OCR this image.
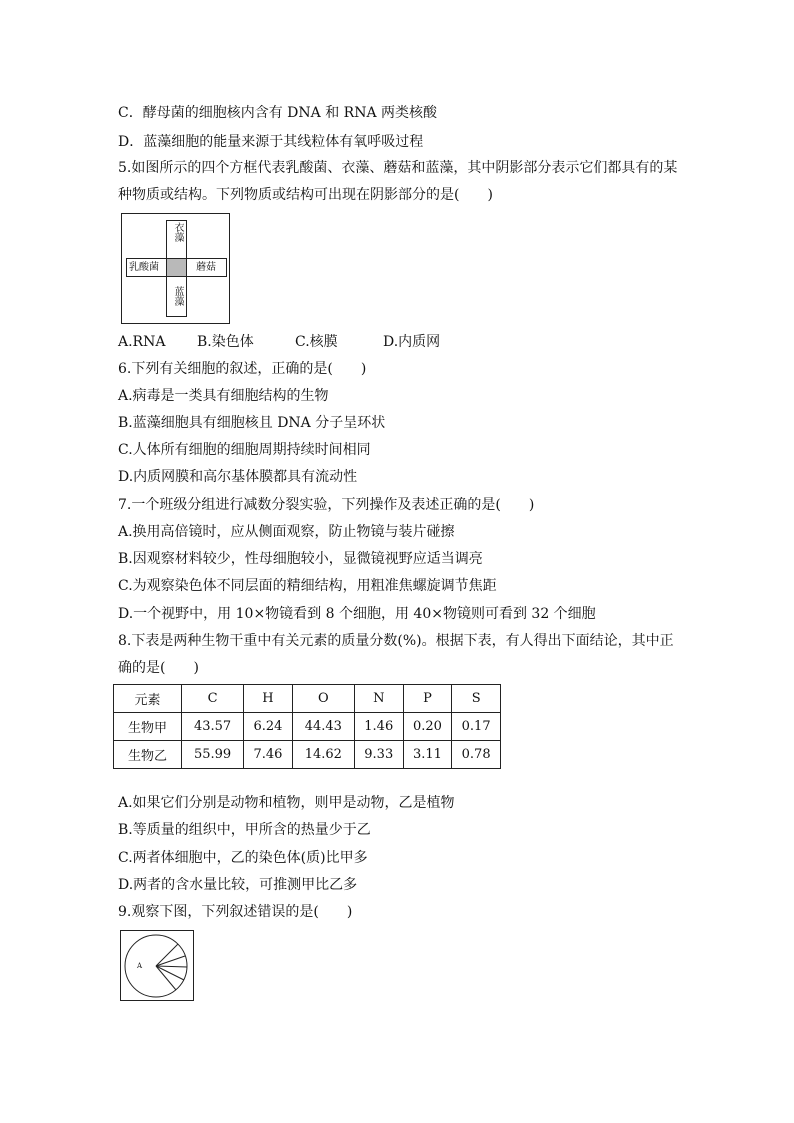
C．酵母菌的细胞核内含有 DNA 和 RNA 两类核酸
D．蓝藻细胞的能量来源于其线粒体有氧呼吸过程
5.如图所示的四个方框代表乳酸菌、衣藻、蘑菇和蓝藻，其中阴影部分表示它们都具有的某
种物质或结构。下列物质或结构可出现在阴影部分的是(　　)
衣藻
乳酸菌	蘑菇
蓝藻
A.RNA B.染色体	C.核膜	D.内质网
6.下列有关细胞的叙述，正确的是(　　)
A.病毒是一类具有细胞结构的生物
B.蓝藻细胞具有细胞核且 DNA 分子呈环状
C.人体所有细胞的细胞周期持续时间相同
D.内质网膜和高尔基体膜都具有流动性
7.一个班级分组进行减数分裂实验，下列操作及表述正确的是(　　)
A.换用高倍镜时，应从侧面观察，防止物镜与装片碰擦
B.因观察材料较少，性母细胞较小，显微镜视野应适当调亮
C.为观察染色体不同层面的精细结构，用粗准焦螺旋调节焦距
D.一个视野中，用 10×物镜看到 8 个细胞，用 40×物镜则可看到 32 个细胞
8.下表是两种生物干重中有关元素的质量分数(%)。根据下表，有人得出下面结论，其中正
确的是(　　)
元素	C	H	O	N	P	S
生物甲	43.57	6.24	44.43	1.46	0.20	0.17
生物乙	55.99	7.46	14.62	9.33	3.11	0.78
A.如果它们分别是动物和植物，则甲是动物，乙是植物
B.等质量的组织中，甲所含的热量少于乙
C.两者体细胞中，乙的染色体(质)比甲多
D.两者的含水量比较，可推测甲比乙多
9.观察下图，下列叙述错误的是(　　)
A
